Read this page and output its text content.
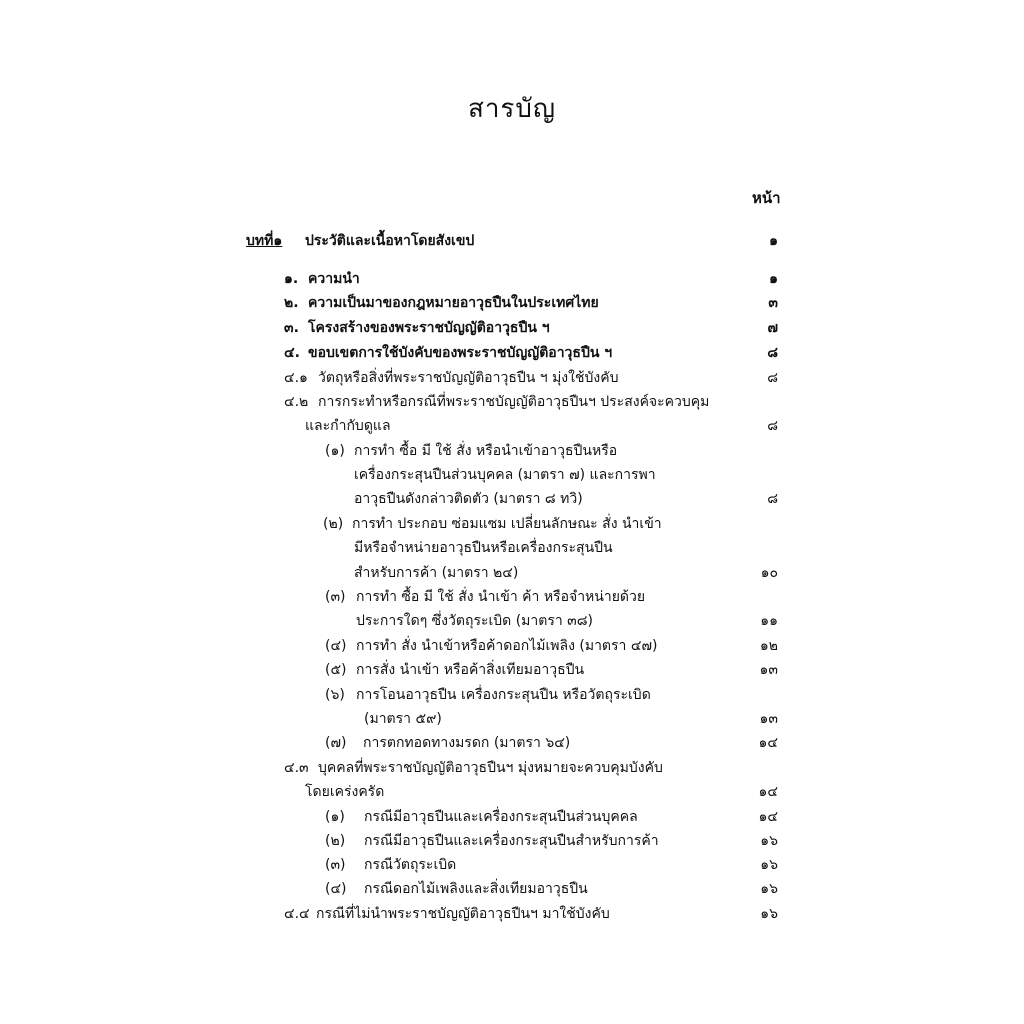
สารบัญ
หน้า
บทที่๑ ประวัติและเนื้อหาโดยสังเขป	๑
๑. ความนำ	๑
๒. ความเป็นมาของกฎหมายอาวุธปืนในประเทศไทย	๓
๓. โครงสร้างของพระราชบัญญัติอาวุธปืน ฯ	๗
๔. ขอบเขตการใช้บังคับของพระราชบัญญัติอาวุธปืน ฯ	๘
๔.๑ วัตถุหรือสิ่งที่พระราชบัญญัติอาวุธปืน ฯ มุ่งใช้บังคับ	๘
๔.๒ การกระทำหรือกรณีที่พระราชบัญญัติอาวุธปืนฯ ประสงค์จะควบคุม
และกำกับดูแล	๘
(๑) การทำ ซื้อ มี ใช้ สั่ง หรือนำเข้าอาวุธปืนหรือ
เครื่องกระสุนปืนส่วนบุคคล (มาตรา ๗) และการพา
อาวุธปืนดังกล่าวติดตัว (มาตรา ๘ ทวิ)	๘
(๒) การทำ ประกอบ ซ่อมแซม เปลี่ยนลักษณะ สั่ง นำเข้า
มีหรือจำหน่ายอาวุธปืนหรือเครื่องกระสุนปืน
สำหรับการค้า (มาตรา ๒๔)	๑๐
(๓) การทำ ซื้อ มี ใช้ สั่ง นำเข้า ค้า หรือจำหน่ายด้วย
ประการใดๆ ซึ่งวัตถุระเบิด (มาตรา ๓๘)	๑๑
(๔) การทำ สั่ง นำเข้าหรือค้าดอกไม้เพลิง (มาตรา ๔๗)	๑๒
(๕) การสั่ง นำเข้า หรือค้าสิ่งเทียมอาวุธปืน	๑๓
(๖) การโอนอาวุธปืน เครื่องกระสุนปืน หรือวัตถุระเบิด
(มาตรา ๕๙)	๑๓
(๗) การตกทอดทางมรดก (มาตรา ๖๔)	๑๔
๔.๓ บุคคลที่พระราชบัญญัติอาวุธปืนฯ มุ่งหมายจะควบคุมบังคับ
โดยเคร่งครัด	๑๔
(๑) กรณีมีอาวุธปืนและเครื่องกระสุนปืนส่วนบุคคล	๑๔
(๒) กรณีมีอาวุธปืนและเครื่องกระสุนปืนสำหรับการค้า	๑๖
(๓) กรณีวัตถุระเบิด	๑๖
(๔) กรณีดอกไม้เพลิงและสิ่งเทียมอาวุธปืน	๑๖
๔.๔ กรณีที่ไม่นำพระราชบัญญัติอาวุธปืนฯ มาใช้บังคับ	๑๖
